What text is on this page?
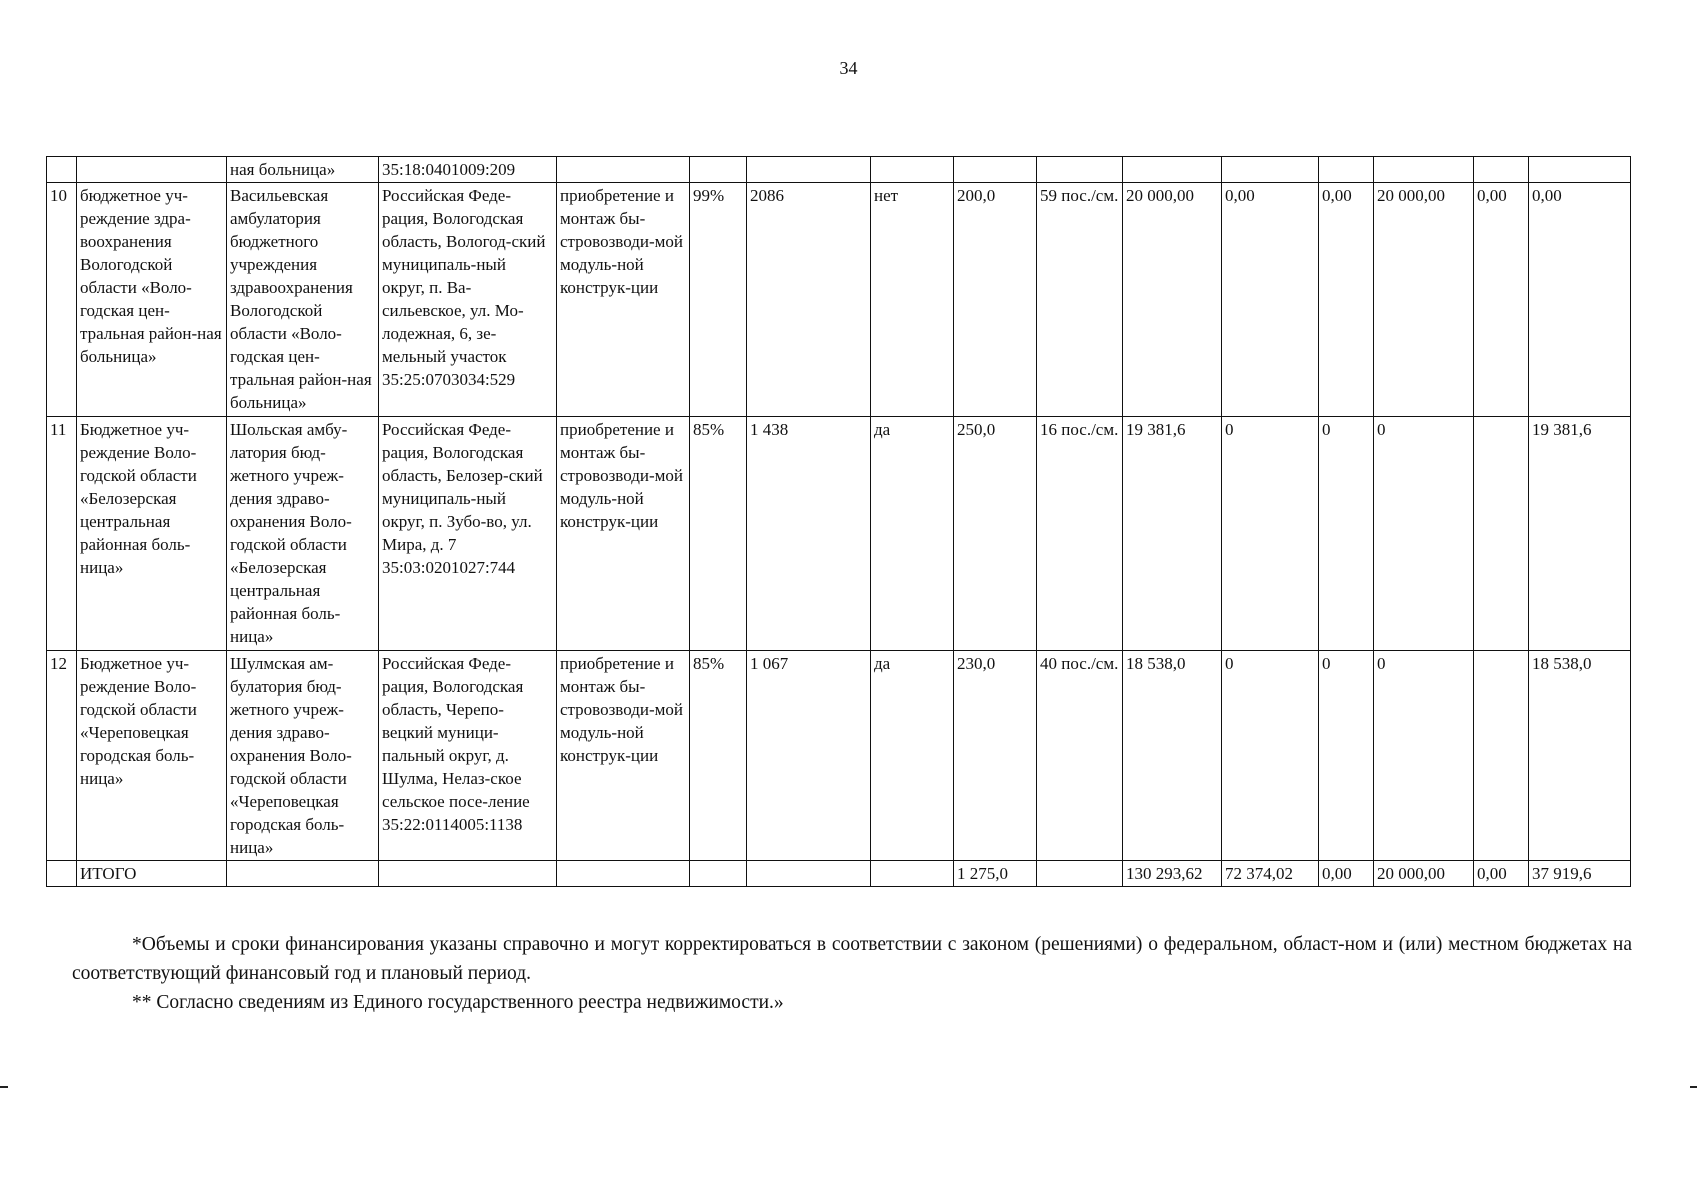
34
		ная больница»	35:18:0401009:209												
10	бюджетное уч-реждение здра-воохранения Вологодской области «Воло-годская цен-тральная район-ная больница»	Васильевская амбулатория бюджетного учреждения здравоохранения Вологодской области «Воло-годская цен-тральная район-ная больница»	Российская Феде-рация, Вологодская область, Вологод-ский муниципаль-ный округ, п. Ва-сильевское, ул. Мо-лодежная, 6, зе-мельный участок 35:25:0703034:529	приобретение и монтаж бы-стровозводи-мой модуль-ной конструк-ции	99%	2086	нет	200,0	59 пос./см.	20 000,00	0,00	0,00	20 000,00	0,00	0,00
11	Бюджетное уч-реждение Воло-годской области «Белозерская центральная районная боль-ница»	Шольская амбу-латория бюд-жетного учреж-дения здраво-охранения Воло-годской области «Белозерская центральная районная боль-ница»	Российская Феде-рация, Вологодская область, Белозер-ский муниципаль-ный округ, п. Зубо-во, ул. Мира, д. 7 35:03:0201027:744	приобретение и монтаж бы-стровозводи-мой модуль-ной конструк-ции	85%	1 438	да	250,0	16 пос./см.	19 381,6	0	0	0		19 381,6
12	Бюджетное уч-реждение Воло-годской области «Череповецкая городская боль-ница»	Шулмская ам-булатория бюд-жетного учреж-дения здраво-охранения Воло-годской области «Череповецкая городская боль-ница»	Российская Феде-рация, Вологодская область, Черепо-вецкий муници-пальный округ, д. Шулма, Нелаз-ское сельское посе-ление 35:22:0114005:1138	приобретение и монтаж бы-стровозводи-мой модуль-ной конструк-ции	85%	1 067	да	230,0	40 пос./см.	18 538,0	0	0	0		18 538,0
	ИТОГО							1 275,0		130 293,62	72 374,02	0,00	20 000,00	0,00	37 919,6

*Объемы и сроки финансирования указаны справочно и могут корректироваться в соответствии с законом (решениями) о федеральном, област-ном и (или) местном бюджетах на соответствующий финансовый год и плановый период.

** Согласно сведениям из Единого государственного реестра недвижимости.»
